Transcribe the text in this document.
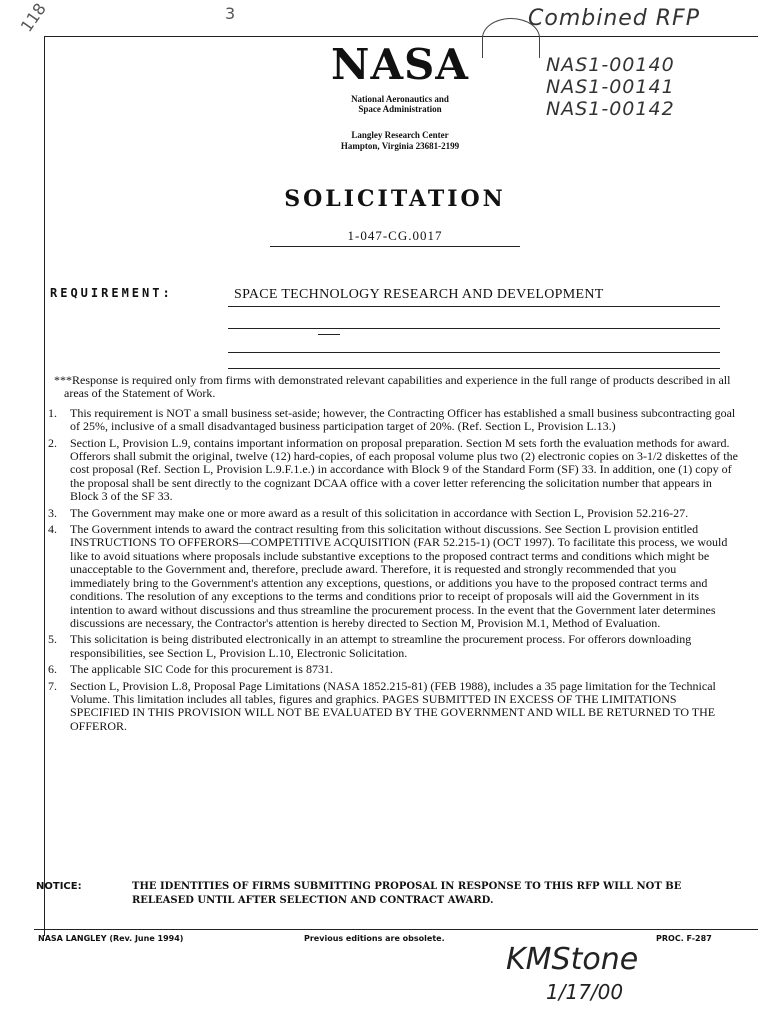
118	3	Combined RFP
NAS1-00140
NAS1-00141
NAS1-00142
NASA
National Aeronautics and
Space Administration
Langley Research Center
Hampton, Virginia 23681-2199
SOLICITATION
1-047-CG.0017
REQUIREMENT:	SPACE TECHNOLOGY RESEARCH AND DEVELOPMENT
***Response is required only from firms with demonstrated relevant capabilities and experience in the full range of products described in all areas of the Statement of Work.
1.	This requirement is NOT a small business set-aside; however, the Contracting Officer has established a small business subcontracting goal of 25%, inclusive of a small disadvantaged business participation target of 20%. (Ref. Section L, Provision L.13.)
2.	Section L, Provision L.9, contains important information on proposal preparation. Section M sets forth the evaluation methods for award. Offerors shall submit the original, twelve (12) hard-copies, of each proposal volume plus two (2) electronic copies on 3-1/2 diskettes of the cost proposal (Ref. Section L, Provision L.9.F.1.e.) in accordance with Block 9 of the Standard Form (SF) 33. In addition, one (1) copy of the proposal shall be sent directly to the cognizant DCAA office with a cover letter referencing the solicitation number that appears in Block 3 of the SF 33.
3.	The Government may make one or more award as a result of this solicitation in accordance with Section L, Provision 52.216-27.
4.	The Government intends to award the contract resulting from this solicitation without discussions. See Section L provision entitled INSTRUCTIONS TO OFFERORS—COMPETITIVE ACQUISITION (FAR 52.215-1) (OCT 1997). To facilitate this process, we would like to avoid situations where proposals include substantive exceptions to the proposed contract terms and conditions which might be unacceptable to the Government and, therefore, preclude award. Therefore, it is requested and strongly recommended that you immediately bring to the Government's attention any exceptions, questions, or additions you have to the proposed contract terms and conditions. The resolution of any exceptions to the terms and conditions prior to receipt of proposals will aid the Government in its intention to award without discussions and thus streamline the procurement process. In the event that the Government later determines discussions are necessary, the Contractor's attention is hereby directed to Section M, Provision M.1, Method of Evaluation.
5.	This solicitation is being distributed electronically in an attempt to streamline the procurement process. For offerors downloading responsibilities, see Section L, Provision L.10, Electronic Solicitation.
6.	The applicable SIC Code for this procurement is 8731.
7.	Section L, Provision L.8, Proposal Page Limitations (NASA 1852.215-81) (FEB 1988), includes a 35 page limitation for the Technical Volume. This limitation includes all tables, figures and graphics. PAGES SUBMITTED IN EXCESS OF THE LIMITATIONS SPECIFIED IN THIS PROVISION WILL NOT BE EVALUATED BY THE GOVERNMENT AND WILL BE RETURNED TO THE OFFEROR.
NOTICE:	THE IDENTITIES OF FIRMS SUBMITTING PROPOSAL IN RESPONSE TO THIS RFP WILL NOT BE RELEASED UNTIL AFTER SELECTION AND CONTRACT AWARD.
NASA LANGLEY (Rev. June 1994)	Previous editions are obsolete.	PROC. F-287
KMStone
1/17/00
